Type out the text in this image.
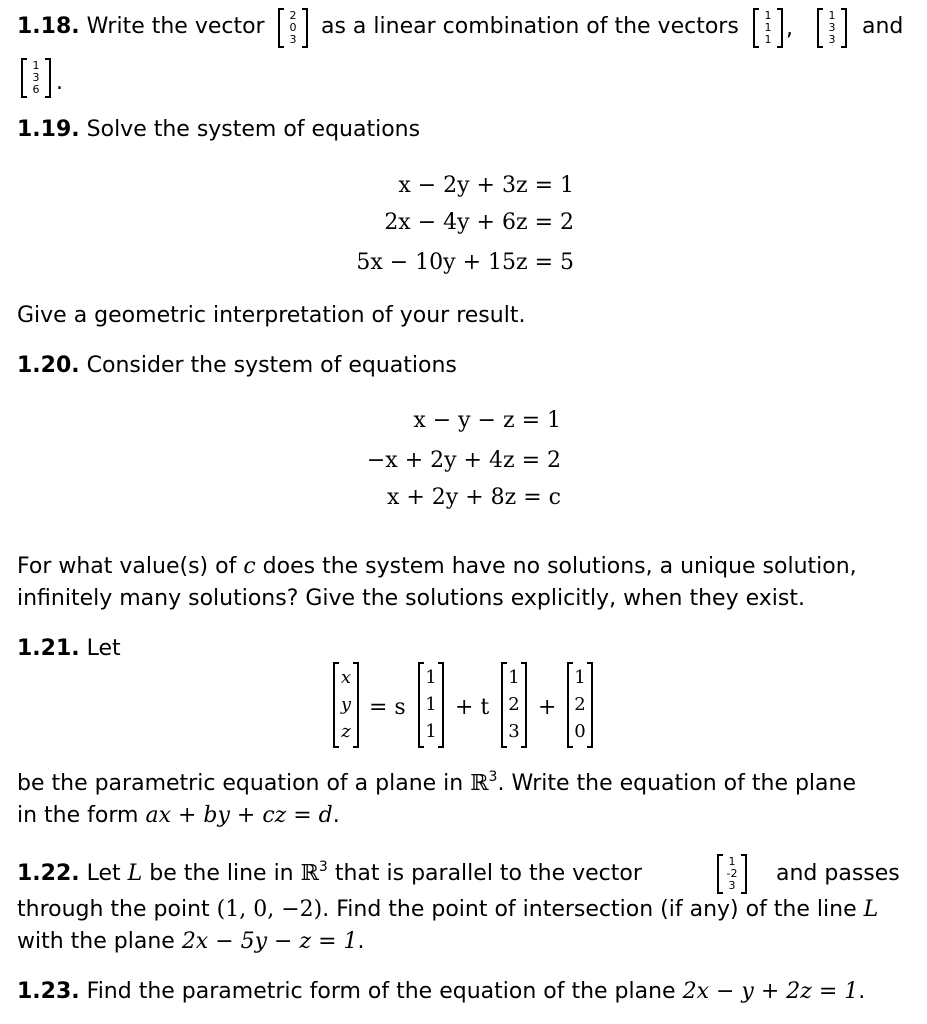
1.18. Write the vector	2
0
3
as a linear combination of the vectors	1
1
1 ,
1
3
3
and
1
3
6 .
1.19. Solve the system of equations
x − 2y + 3z = 1
2x − 4y + 6z = 2
5x − 10y + 15z = 5
Give a geometric interpretation of your result.
1.20. Consider the system of equations
x − y − z = 1
−x + 2y + 4z = 2
x + 2y + 8z = c
For what value(s) of c does the system have no solutions, a unique solution,
infinitely many solutions? Give the solutions explicitly, when they exist.
1.21. Let
x
y
z
= s
1
1
1
+ t
1
2
3
+
1
2
0
be the parametric equation of a plane in ℝ$^3$. Write the equation of the plane
in the form ax + by + cz = d.
1.22. Let L be the line in ℝ$^3$ that is parallel to the vector	1
-2
3	and passes
through the point (1, 0, −2). Find the point of intersection (if any) of the line L
with the plane 2x − 5y − z = 1.
1.23. Find the parametric form of the equation of the plane 2x − y + 2z = 1.
